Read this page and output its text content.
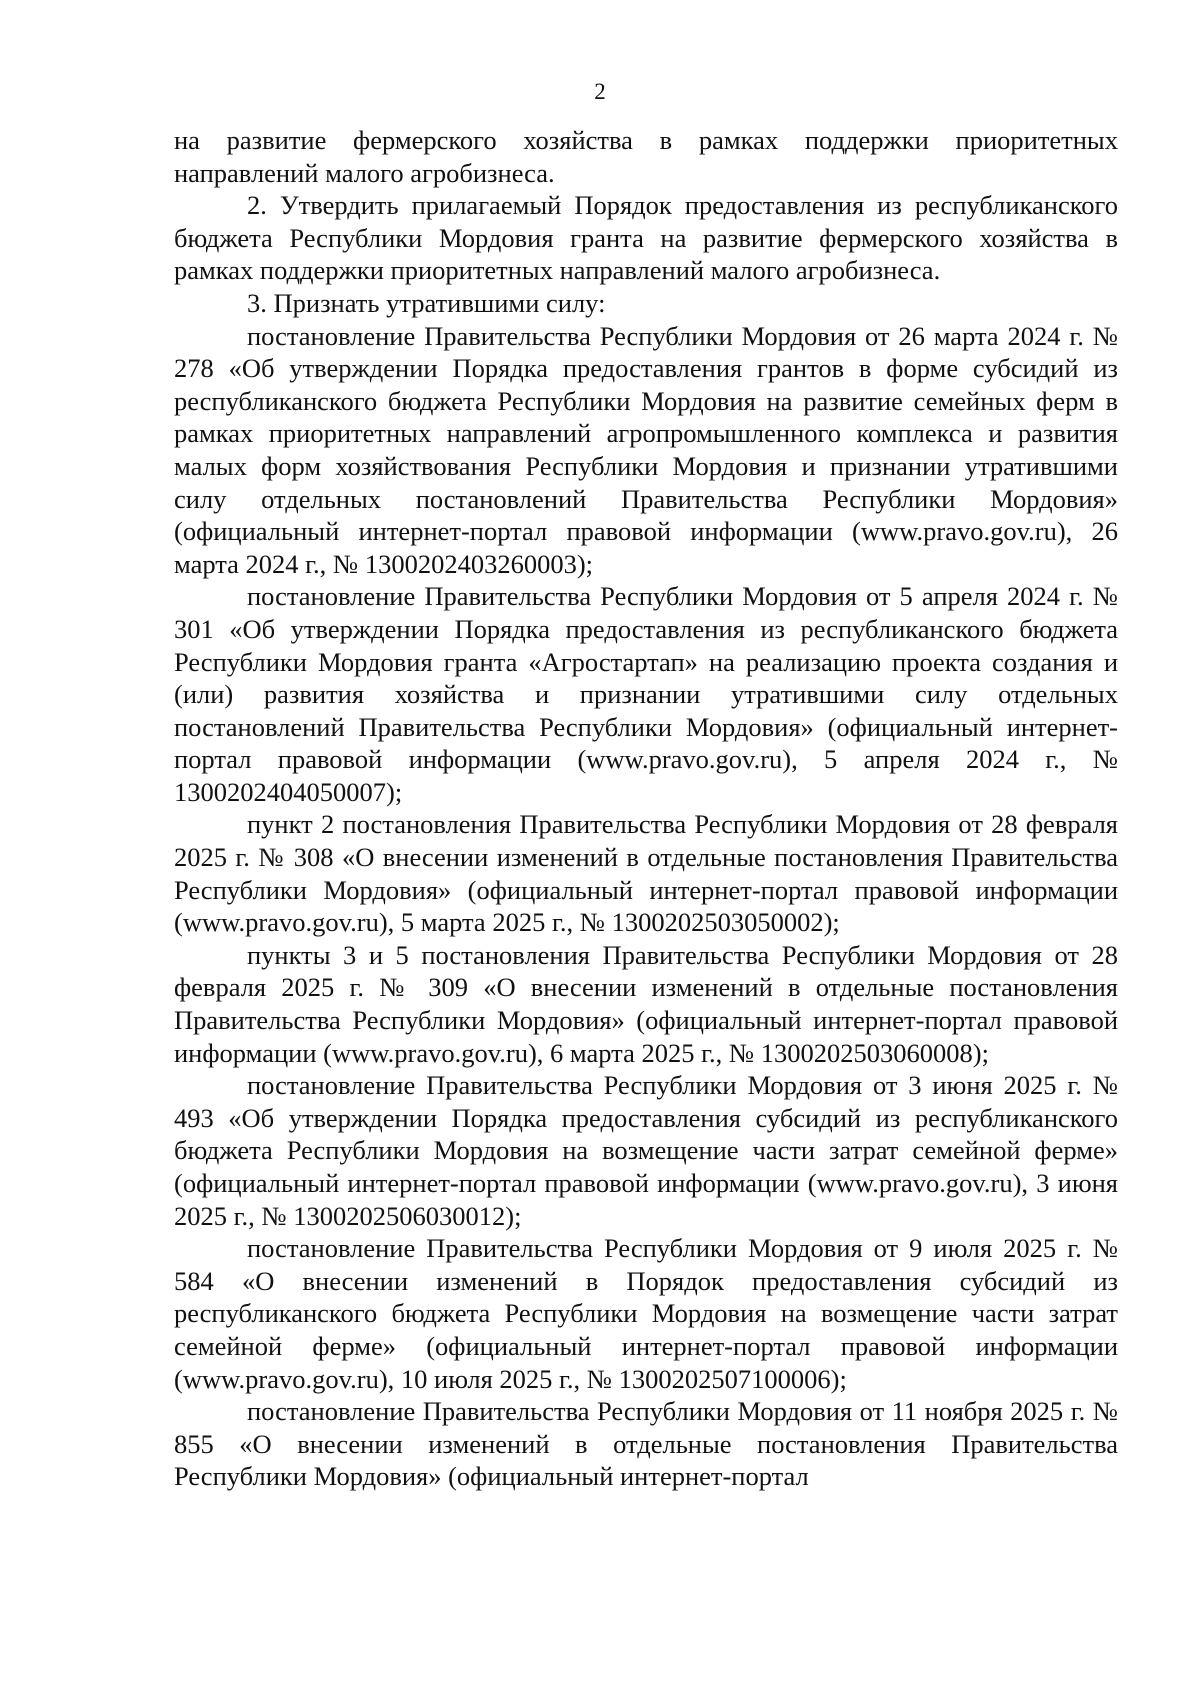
2

на развитие фермерского хозяйства в рамках поддержки приоритетных направлений малого агробизнеса.

2. Утвердить прилагаемый Порядок предоставления из республиканского бюджета Республики Мордовия гранта на развитие фермерского хозяйства в рамках поддержки приоритетных направлений малого агробизнеса.

3. Признать утратившими силу:

постановление Правительства Республики Мордовия от 26 марта 2024 г. № 278 «Об утверждении Порядка предоставления грантов в форме субсидий из республиканского бюджета Республики Мордовия на развитие семейных ферм в рамках приоритетных направлений агропромышленного комплекса и развития малых форм хозяйствования Республики Мордовия и признании утратившими силу отдельных постановлений Правительства Республики Мордовия» (официальный интернет-портал правовой информации (www.pravo.gov.ru), 26 марта 2024 г., № 1300202403260003);

постановление Правительства Республики Мордовия от 5 апреля 2024 г. № 301 «Об утверждении Порядка предоставления из республиканского бюджета Республики Мордовия гранта «Агростартап» на реализацию проекта создания и (или) развития хозяйства и признании утратившими силу отдельных постановлений Правительства Республики Мордовия» (официальный интернет-портал правовой информации (www.pravo.gov.ru), 5 апреля 2024 г., № 1300202404050007);

пункт 2 постановления Правительства Республики Мордовия от 28 февраля 2025 г. № 308 «О внесении изменений в отдельные постановления Правительства Республики Мордовия» (официальный интернет-портал правовой информации (www.pravo.gov.ru), 5 марта 2025 г., № 1300202503050002);

пункты 3 и 5 постановления Правительства Республики Мордовия от 28 февраля 2025 г. № 309 «О внесении изменений в отдельные постановления Правительства Республики Мордовия» (официальный интернет-портал правовой информации (www.pravo.gov.ru), 6 марта 2025 г., № 1300202503060008);

постановление Правительства Республики Мордовия от 3 июня 2025 г. № 493 «Об утверждении Порядка предоставления субсидий из республиканского бюджета Республики Мордовия на возмещение части затрат семейной ферме» (официальный интернет-портал правовой информации (www.pravo.gov.ru), 3 июня 2025 г., № 1300202506030012);

постановление Правительства Республики Мордовия от 9 июля 2025 г. № 584 «О внесении изменений в Порядок предоставления субсидий из республиканского бюджета Республики Мордовия на возмещение части затрат семейной ферме» (официальный интернет-портал правовой информации (www.pravo.gov.ru), 10 июля 2025 г., № 1300202507100006);

постановление Правительства Республики Мордовия от 11 ноября 2025 г. № 855 «О внесении изменений в отдельные постановления Правительства Республики Мордовия» (официальный интернет-портал
